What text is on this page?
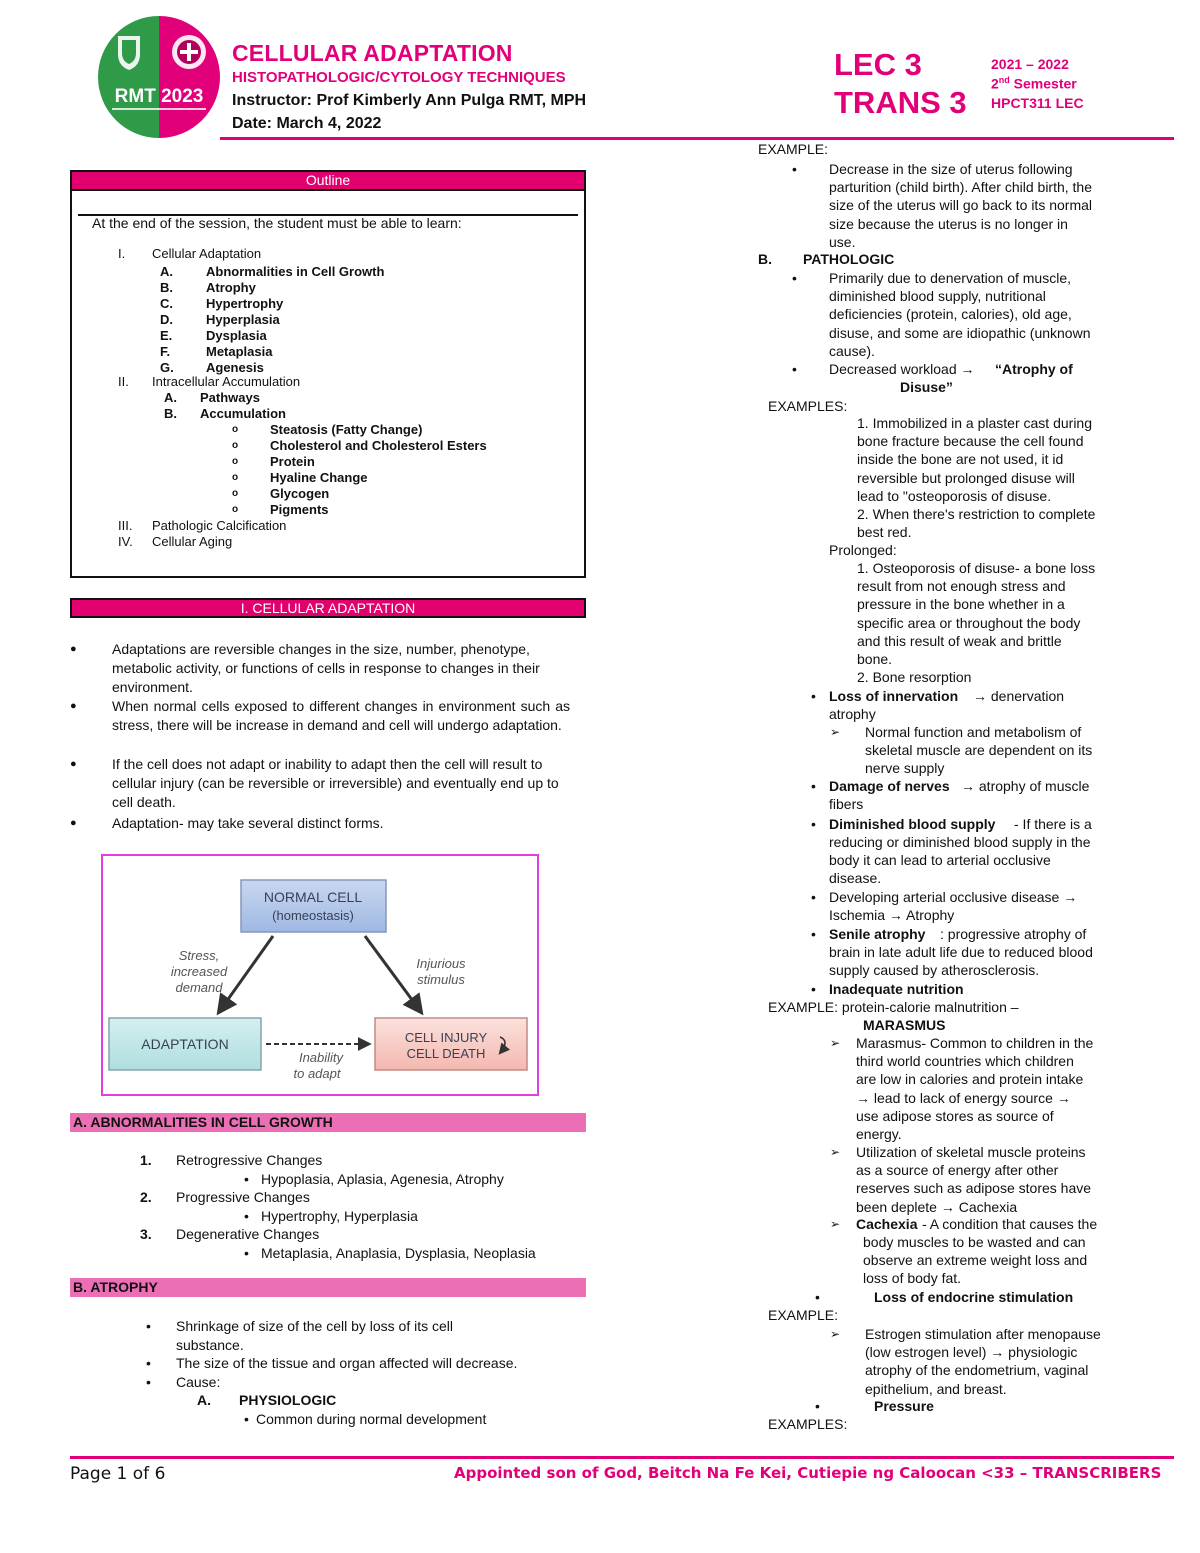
RMT 2023
CELLULAR ADAPTATION
HISTOPATHOLOGIC/CYTOLOGY TECHNIQUES
Instructor: Prof Kimberly Ann Pulga RMT, MPH
Date: March 4, 2022
LEC 3
TRANS 3
2021 – 2022
2nd Semester
HPCT311 LEC
Outline
At the end of the session, the student must be able to learn:
I. Cellular Adaptation
A.	Abnormalities in Cell Growth
B.	Atrophy
C.	Hypertrophy
D.	Hyperplasia
E.	Dysplasia
F.	Metaplasia
G. Agenesis
II. Intracellular Accumulation
A. Pathways
B. Accumulation
o Steatosis (Fatty Change)
o Cholesterol and Cholesterol Esters
o Protein
o Hyaline Change
o Glycogen
o Pigments
III. Pathologic Calcification
IV. Cellular Aging
I. CELLULAR ADAPTATION
NORMAL CELL
(homeostasis)
Stress,
increased
demand
Injurious
stimulus
ADAPTATION	CELL INJURY
CELL DEATH
Inability
to adapt
A. ABNORMALITIES IN CELL GROWTH
B. ATROPHY
• Shrinkage of size of the cell by loss of its cell
substance.
• The size of the tissue and organ affected will decrease.
• Cause:
A. PHYSIOLOGIC
• Common during normal development
EXAMPLE:
• Decrease in the size of uterus following
parturition (child birth). After child birth, the
size of the uterus will go back to its normal
size because the uterus is no longer in
use.
B. PATHOLOGIC
• Primarily due to denervation of muscle,
diminished blood supply, nutritional
deficiencies (protein, calories), old age,
disuse, and some are idiopathic (unknown
cause).
• Decreased workload → “Atrophy of
Disuse”
EXAMPLES:
1. Immobilized in a plaster cast during
bone fracture because the cell found
inside the bone are not used, it id
reversible but prolonged disuse will
lead to "osteoporosis of disuse.
2. When there's restriction to complete
best red.
Prolonged:
1. Osteoporosis of disuse- a bone loss
result from not enough stress and
pressure in the bone whether in a
specific area or throughout the body
and this result of weak and brittle
bone.
2. Bone resorption
• Loss of innervation → denervation
atrophy
➢ Normal function and metabolism of
skeletal muscle are dependent on its
nerve supply
• Damage of nerves → atrophy of muscle
fibers
• Diminished blood supply - If there is a
reducing or diminished blood supply in the
body it can lead to arterial occlusive
disease.
• Developing arterial occlusive disease →
Ischemia → Atrophy
• Senile atrophy : progressive atrophy of
brain in late adult life due to reduced blood
supply caused by atherosclerosis.
• Inadequate nutrition
EXAMPLE: protein-calorie malnutrition –
MARASMUS
➢ Marasmus- Common to children in the
third world countries which children
are low in calories and protein intake
→ lead to lack of energy source →
use adipose stores as source of
energy.
➢ Utilization of skeletal muscle proteins
as a source of energy after other
reserves such as adipose stores have
been deplete → Cachexia
➢ Cachexia - A condition that causes the
body muscles to be wasted and can
observe an extreme weight loss and
loss of body fat.
•	Loss of endocrine stimulation
EXAMPLE:
➢ Estrogen stimulation after menopause
(low estrogen level) → physiologic
atrophy of the endometrium, vaginal
epithelium, and breast.
•	Pressure
EXAMPLES:
Page 1 of 6	Appointed son of God, Beitch Na Fe Kei, Cutiepie ng Caloocan <33 – TRANSCRIBERS
●	Adaptations are reversible changes in the size, number, phenotype, metabolic activity, or functions of cells in response to changes in their environment.
●	When normal cells exposed to different changes in environment such as stress, there will be increase in demand and cell will undergo adaptation.
●	If the cell does not adapt or inability to adapt then the cell will result to cellular injury (can be reversible or irreversible) and eventually end up to cell death.
●	Adaptation- may take several distinct forms.
1. Retrogressive Changes
• Hypoplasia, Aplasia, Agenesia, Atrophy
2. Progressive Changes
• Hypertrophy, Hyperplasia
3. Degenerative Changes
• Metaplasia, Anaplasia, Dysplasia, Neoplasia
